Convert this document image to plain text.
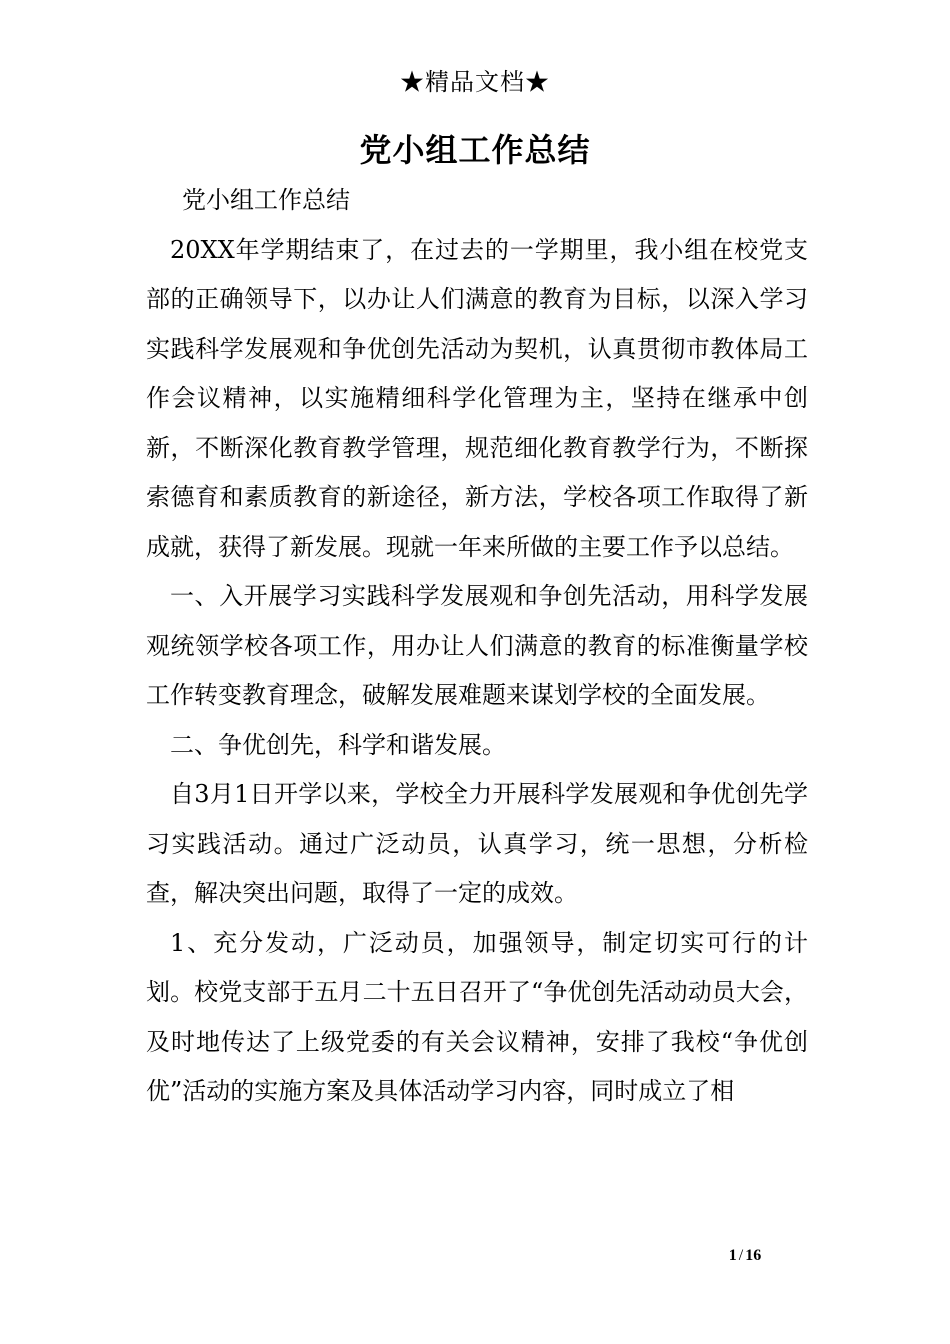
★精品文档★
党小组工作总结

党小组工作总结

20XX年学期结束了，在过去的一学期里，我小组在校党支部的正确领导下，以办让人们满意的教育为目标，以深入学习实践科学发展观和争优创先活动为契机，认真贯彻市教体局工作会议精神，以实施精细科学化管理为主，坚持在继承中创新，不断深化教育教学管理，规范细化教育教学行为，不断探索德育和素质教育的新途径，新方法，学校各项工作取得了新成就，获得了新发展。现就一年来所做的主要工作予以总结。

一、入开展学习实践科学发展观和争创先活动，用科学发展观统领学校各项工作，用办让人们满意的教育的标准衡量学校工作转变教育理念，破解发展难题来谋划学校的全面发展。

二、争优创先，科学和谐发展。

自3月1日开学以来，学校全力开展科学发展观和争优创先学习实践活动。通过广泛动员，认真学习，统一思想，分析检查，解决突出问题，取得了一定的成效。

1、充分发动，广泛动员，加强领导，制定切实可行的计划。校党支部于五月二十五日召开了“争优创先活动动员大会，及时地传达了上级党委的有关会议精神，安排了我校“争优创优”活动的实施方案及具体活动学习内容，同时成立了相

1 / 16
